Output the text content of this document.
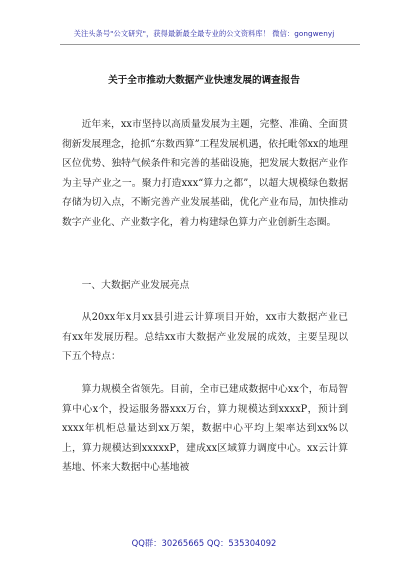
关注头条号"公文研究"，获得最新最全最专业的公文资料库！ 微信：gongwenyj
关于全市推动大数据产业快速发展的调查报告

近年来，xx市坚持以高质量发展为主题，完整、准确、全面贯彻新发展理念，抢抓“东数西算”工程发展机遇，依托毗邻xx的地理区位优势、独特气候条件和完善的基础设施，把发展大数据产业作为主导产业之一。聚力打造xxx“算力之都”，以超大规模绿色数据存储为切入点，不断完善产业发展基础，优化产业布局，加快推动数字产业化、产业数字化，着力构建绿色算力产业创新生态圈。

一、大数据产业发展亮点

从20xx年x月xx县引进云计算项目开始，xx市大数据产业已有xx年发展历程。总结xx市大数据产业发展的成效，主要呈现以下五个特点：

算力规模全省领先。目前，全市已建成数据中心xx个，布局智算中心x个，投运服务器xxx万台，算力规模达到xxxxP，预计到xxxx年机柜总量达到xx万架，数据中心平均上架率达到xx%以上，算力规模达到xxxxxP，建成xx区域算力调度中心。xx云计算基地、怀来大数据中心基地被

QQ群：30265665 QQ：535304092
